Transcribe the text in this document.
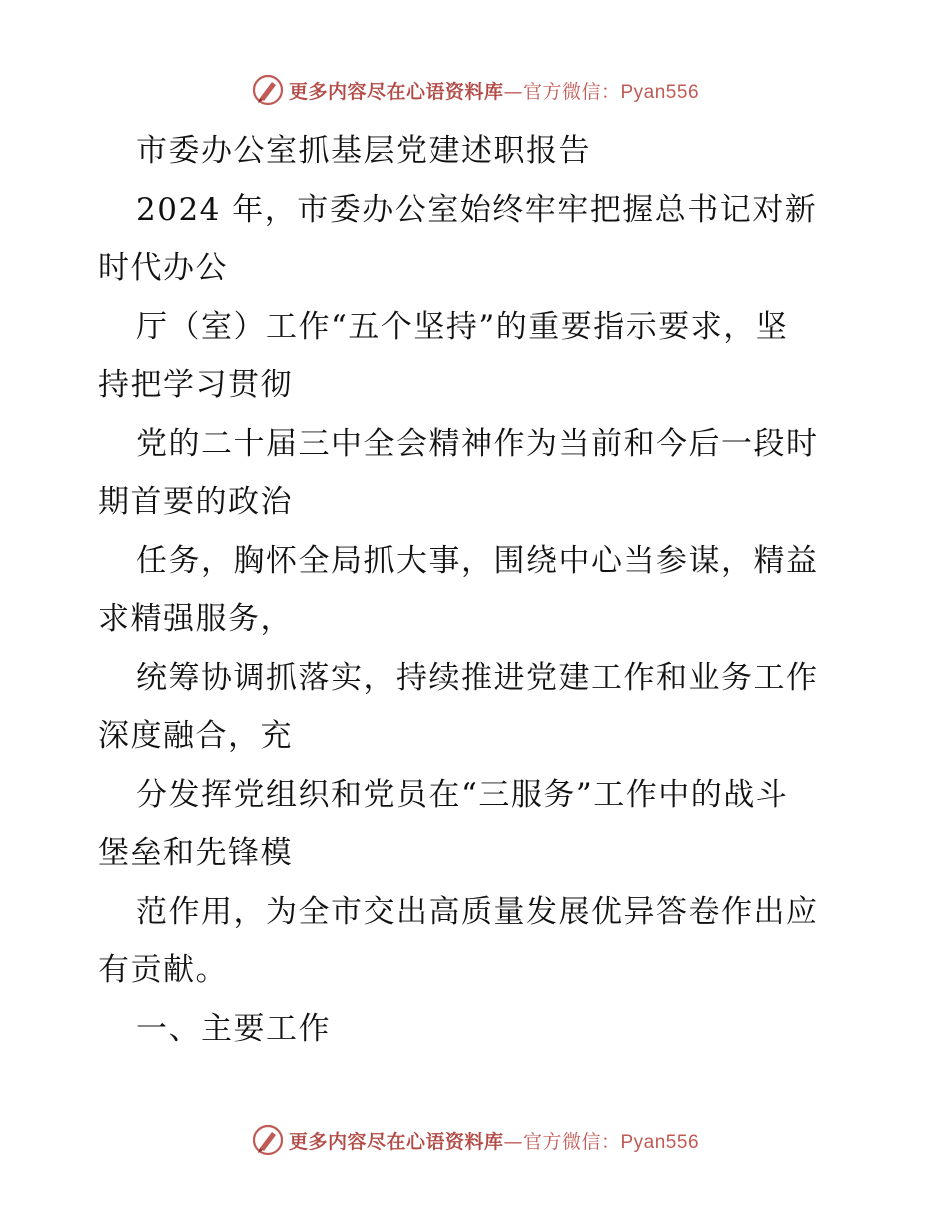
更多内容尽在心语资料库—官方微信：Pyan556
市委办公室抓基层党建述职报告
2024 年，市委办公室始终牢牢把握总书记对新
时代办公
厅（室）工作“五个坚持”的重要指示要求，坚
持把学习贯彻
党的二十届三中全会精神作为当前和今后一段时
期首要的政治
任务，胸怀全局抓大事，围绕中心当参谋，精益
求精强服务，
统筹协调抓落实，持续推进党建工作和业务工作
深度融合，充
分发挥党组织和党员在“三服务”工作中的战斗
堡垒和先锋模
范作用，为全市交出高质量发展优异答卷作出应
有贡献。
一、主要工作
更多内容尽在心语资料库—官方微信：Pyan556
